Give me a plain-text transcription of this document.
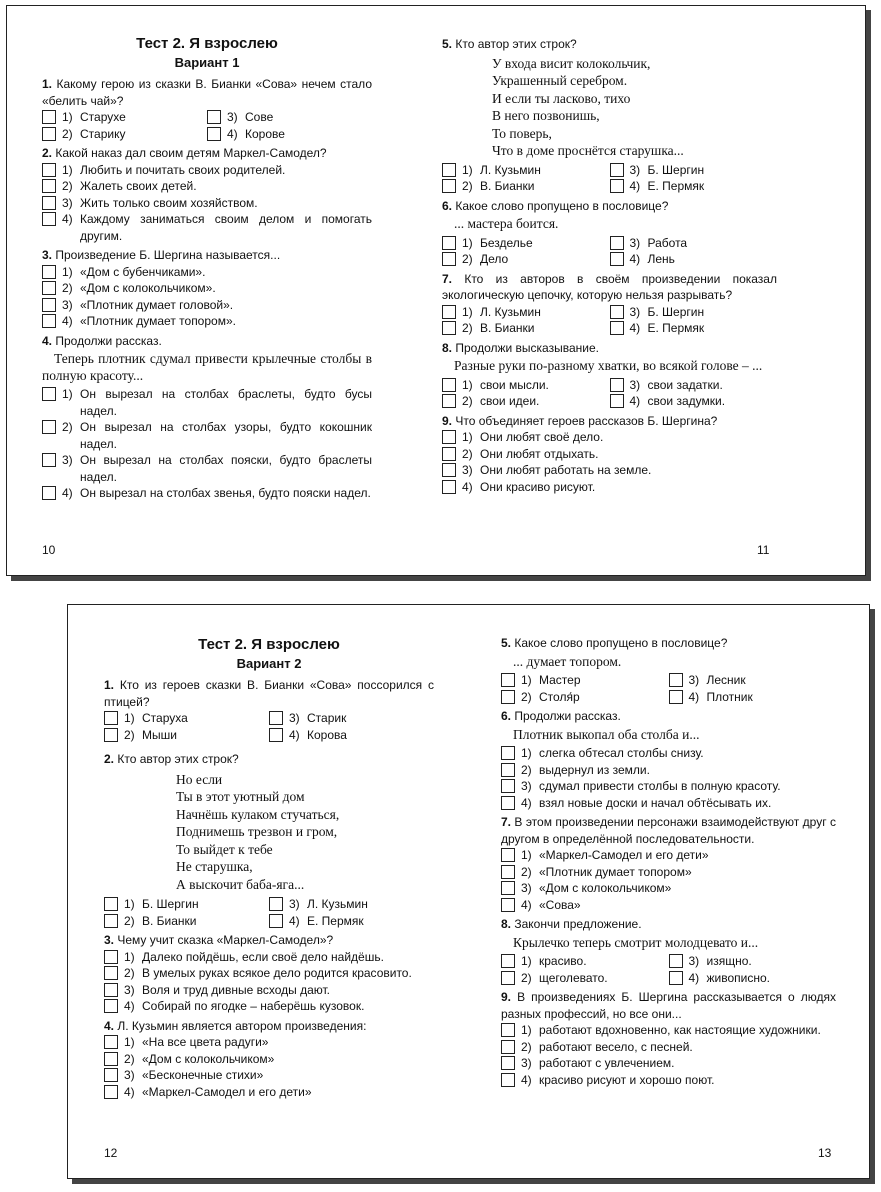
Тест 2. Я взрослею
Вариант 1
1. Какому герою из сказки В. Бианки «Сова» нечем стало «белить чай»?
1) Старухе	3) Сове
2) Старику	4) Корове
2. Какой наказ дал своим детям Маркел-Самодел?
1) Любить и почитать своих родителей.
2) Жалеть своих детей.
3) Жить только своим хозяйством.
4) Каждому заниматься своим делом и помогать другим.
3. Произведение Б. Шергина называется...
1) «Дом с бубенчиками».
2) «Дом с колокольчиком».
3) «Плотник думает головой».
4) «Плотник думает топором».
4. Продолжи рассказ.
Теперь плотник сдумал привести крылечные столбы в полную красоту...
1) Он вырезал на столбах браслеты, будто бусы надел.
2) Он вырезал на столбах узоры, будто кокошник надел.
3) Он вырезал на столбах пояски, будто браслеты надел.
4) Он вырезал на столбах звенья, будто пояски надел.
10
5. Кто автор этих строк?
У входа висит колокольчик,
Украшенный серебром.
И если ты ласково, тихо
В него позвонишь,
То поверь,
Что в доме проснётся старушка...
1) Л. Кузьмин	3) Б. Шергин
2) В. Бианки	4) Е. Пермяк
6. Какое слово пропущено в пословице?
... мастера боится.
1) Безделье	3) Работа
2) Дело	4) Лень
7. Кто из авторов в своём произведении показал экологическую цепочку, которую нельзя разрывать?
1) Л. Кузьмин	3) Б. Шергин
2) В. Бианки	4) Е. Пермяк
8. Продолжи высказывание.
Разные руки по-разному хватки, во всякой голове – ...
1) свои мысли.	3) свои задатки.
2) свои идеи.	4) свои задумки.
9. Что объединяет героев рассказов Б. Шергина?
1) Они любят своё дело.
2) Они любят отдыхать.
3) Они любят работать на земле.
4) Они красиво рисуют.
11
Тест 2. Я взрослею
Вариант 2
1. Кто из героев сказки В. Бианки «Сова» поссорился с птицей?
1) Старуха	3) Старик
2) Мыши	4) Корова
2. Кто автор этих строк?
Но если
Ты в этот уютный дом
Начнёшь кулаком стучаться,
Поднимешь трезвон и гром,
То выйдет к тебе
Не старушка,
А выскочит баба-яга...
1) Б. Шергин	3) Л. Кузьмин
2) В. Бианки	4) Е. Пермяк
3. Чему учит сказка «Маркел-Самодел»?
1) Далеко пойдёшь, если своё дело найдёшь.
2) В умелых руках всякое дело родится красовито.
3) Воля и труд дивные всходы дают.
4) Собирай по ягодке – наберёшь кузовок.
4. Л. Кузьмин является автором произведения:
1) «На все цвета радуги»
2) «Дом с колокольчиком»
3) «Бесконечные стихи»
4) «Маркел-Самодел и его дети»
12
5. Какое слово пропущено в пословице?
... думает топором.
1) Мастер	3) Лесник
2) Столя́р	4) Плотник
6. Продолжи рассказ.
Плотник выкопал оба столба и...
1) слегка обтесал столбы снизу.
2) выдернул из земли.
3) сдумал привести столбы в полную красоту.
4) взял новые доски и начал обтёсывать их.
7. В этом произведении персонажи взаимодействуют друг с другом в определённой последовательности.
1) «Маркел-Самодел и его дети»
2) «Плотник думает топором»
3) «Дом с колокольчиком»
4) «Сова»
8. Закончи предложение.
Крылечко теперь смотрит молодцевато и...
1) красиво.	3) изящно.
2) щеголевато.	4) живописно.
9. В произведениях Б. Шергина рассказывается о людях разных профессий, но все они...
1) работают вдохновенно, как настоящие художники.
2) работают весело, с песней.
3) работают с увлечением.
4) красиво рисуют и хорошо поют.
13
